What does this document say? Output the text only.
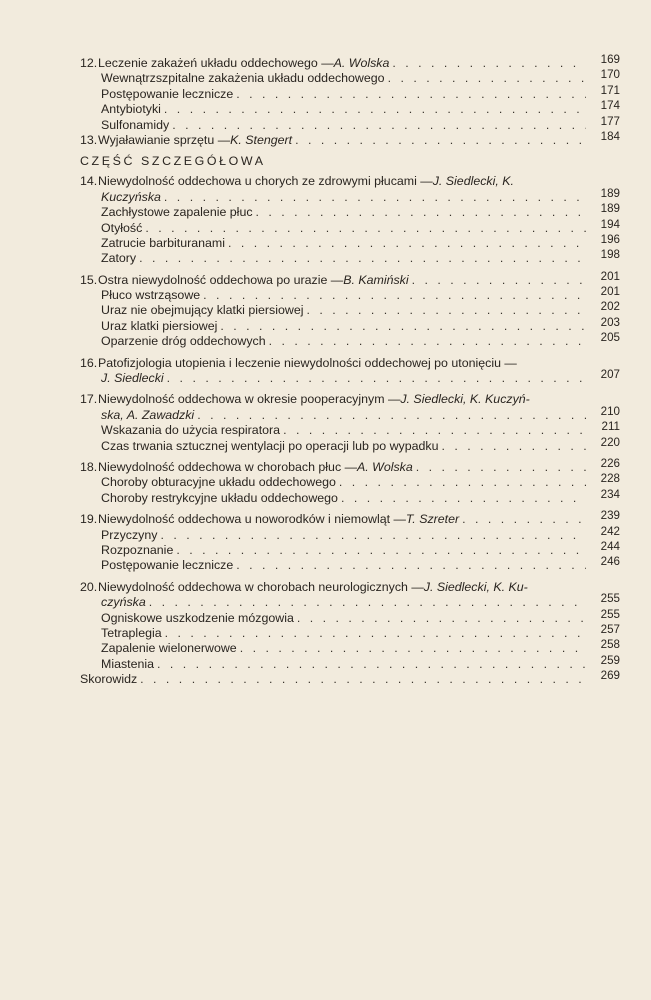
12. Leczenie zakażeń układu oddechowego — A. Wolska . . .	169
Wewnątrzszpitalne zakażenia układu oddechowego . . .	170
Postępowanie lecznicze . . .	171
Antybiotyki . . .	174
Sulfonamidy . . .	177
13. Wyjaławianie sprzętu — K. Stengert . . .	184
CZĘŚĆ SZCZEGÓŁOWA
14. Niewydolność oddechowa u chorych ze zdrowymi płucami — J. Siedlecki, K.
Kuczyńska . . .	189
Zachłystowe zapalenie płuc . . .	189
Otyłość . . .	194
Zatrucie barbituranami . . .	196
Zatory . . .	198
15. Ostra niewydolność oddechowa po urazie — B. Kamiński . . .	201
Płuco wstrząsowe . . .	201
Uraz nie obejmujący klatki piersiowej . . .	202
Uraz klatki piersiowej . . .	203
Oparzenie dróg oddechowych . . .	205
16. Patofizjologia utopienia i leczenie niewydolności oddechowej po utonięciu —
J. Siedlecki . . .	207
17. Niewydolność oddechowa w okresie pooperacyjnym — J. Siedlecki, K. Kuczyń-
ska, A. Zawadzki . . .	210
Wskazania do użycia respiratora . . .	211
Czas trwania sztucznej wentylacji po operacji lub po wypadku . . .	220
18. Niewydolność oddechowa w chorobach płuc — A. Wolska . . .	226
Choroby obturacyjne układu oddechowego . . .	228
Choroby restrykcyjne układu oddechowego . . .	234
19. Niewydolność oddechowa u noworodków i niemowląt — T. Szreter . . .	239
Przyczyny . . .	242
Rozpoznanie . . .	244
Postępowanie lecznicze . . .	246
20. Niewydolność oddechowa w chorobach neurologicznych — J. Siedlecki, K. Ku-
czyńska . . .	255
Ogniskowe uszkodzenie mózgowia . . .	255
Tetraplegia . . .	257
Zapalenie wielonerwowe . . .	258
Miastenia . . .	259
Skorowidz . . .	269
